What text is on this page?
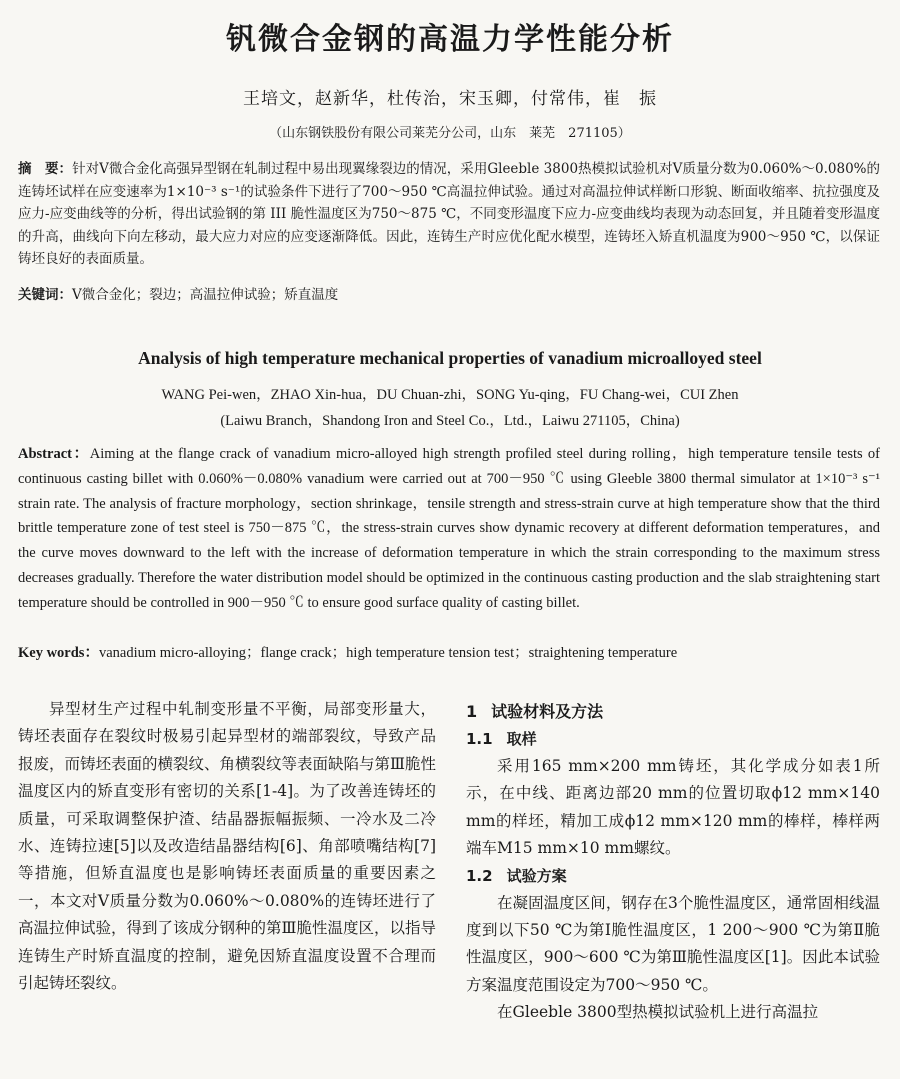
钒微合金钢的高温力学性能分析
王培文，赵新华，杜传治，宋玉卿，付常伟，崔　振
（山东钢铁股份有限公司莱芜分公司，山东　莱芜　271105）
摘　要：针对V微合金化高强异型钢在轧制过程中易出现翼缘裂边的情况，采用Gleeble 3800热模拟试验机对V质量分数为0.060%～0.080%的连铸坯试样在应变速率为1×10⁻³ s⁻¹的试验条件下进行了700～950 ℃高温拉伸试验。通过对高温拉伸试样断口形貌、断面收缩率、抗拉强度及应力-应变曲线等的分析，得出试验钢的第 III 脆性温度区为750～875 ℃，不同变形温度下应力-应变曲线均表现为动态回复，并且随着变形温度的升高，曲线向下向左移动，最大应力对应的应变逐渐降低。因此，连铸生产时应优化配水模型，连铸坯入矫直机温度为900～950 ℃，以保证铸坯良好的表面质量。
关键词：V微合金化；裂边；高温拉伸试验；矫直温度
Analysis of high temperature mechanical properties of vanadium microalloyed steel
WANG Pei-wen，ZHAO Xin-hua，DU Chuan-zhi，SONG Yu-qing，FU Chang-wei，CUI Zhen
(Laiwu Branch，Shandong Iron and Steel Co.，Ltd.，Laiwu 271105，China)
Abstract：Aiming at the flange crack of vanadium micro-alloyed high strength profiled steel during rolling，high temperature tensile tests of continuous casting billet with 0.060%－0.080% vanadium were carried out at 700－950 ℃ using Gleeble 3800 thermal simulator at 1×10⁻³ s⁻¹ strain rate. The analysis of fracture morphology，section shrinkage，tensile strength and stress-strain curve at high temperature show that the third brittle temperature zone of test steel is 750－875 ℃，the stress-strain curves show dynamic recovery at different deformation temperatures，and the curve moves downward to the left with the increase of deformation temperature in which the strain corresponding to the maximum stress decreases gradually. Therefore the water distribution model should be optimized in the continuous casting production and the slab straightening start temperature should be controlled in 900－950 ℃ to ensure good surface quality of casting billet.
Key words：vanadium micro-alloying；flange crack；high temperature tension test；straightening temperature

异型材生产过程中轧制变形量不平衡，局部变形量大，铸坯表面存在裂纹时极易引起异型材的端部裂纹，导致产品报废，而铸坯表面的横裂纹、角横裂纹等表面缺陷与第Ⅲ脆性温度区内的矫直变形有密切的关系[1-4]。为了改善连铸坯的质量，可采取调整保护渣、结晶器振幅振频、一冷水及二冷水、连铸拉速[5]以及改造结晶器结构[6]、角部喷嘴结构[7]等措施，但矫直温度也是影响铸坯表面质量的重要因素之一，本文对V质量分数为0.060%～0.080%的连铸坯进行了高温拉伸试验，得到了该成分钢种的第Ⅲ脆性温度区，以指导连铸生产时矫直温度的控制，避免因矫直温度设置不合理而引起铸坯裂纹。

1 试验材料及方法
1.1 取样

采用165 mm×200 mm铸坯，其化学成分如表1所示，在中线、距离边部20 mm的位置切取ϕ12 mm×140 mm的样坯，精加工成ϕ12 mm×120 mm的棒样，棒样两端车M15 mm×10 mm螺纹。

1.2 试验方案

在凝固温度区间，钢存在3个脆性温度区，通常固相线温度到以下50 ℃为第Ⅰ脆性温度区，1 200～900 ℃为第Ⅱ脆性温度区，900～600 ℃为第Ⅲ脆性温度区[1]。因此本试验方案温度范围设定为700～950 ℃。

在Gleeble 3800型热模拟试验机上进行高温拉
